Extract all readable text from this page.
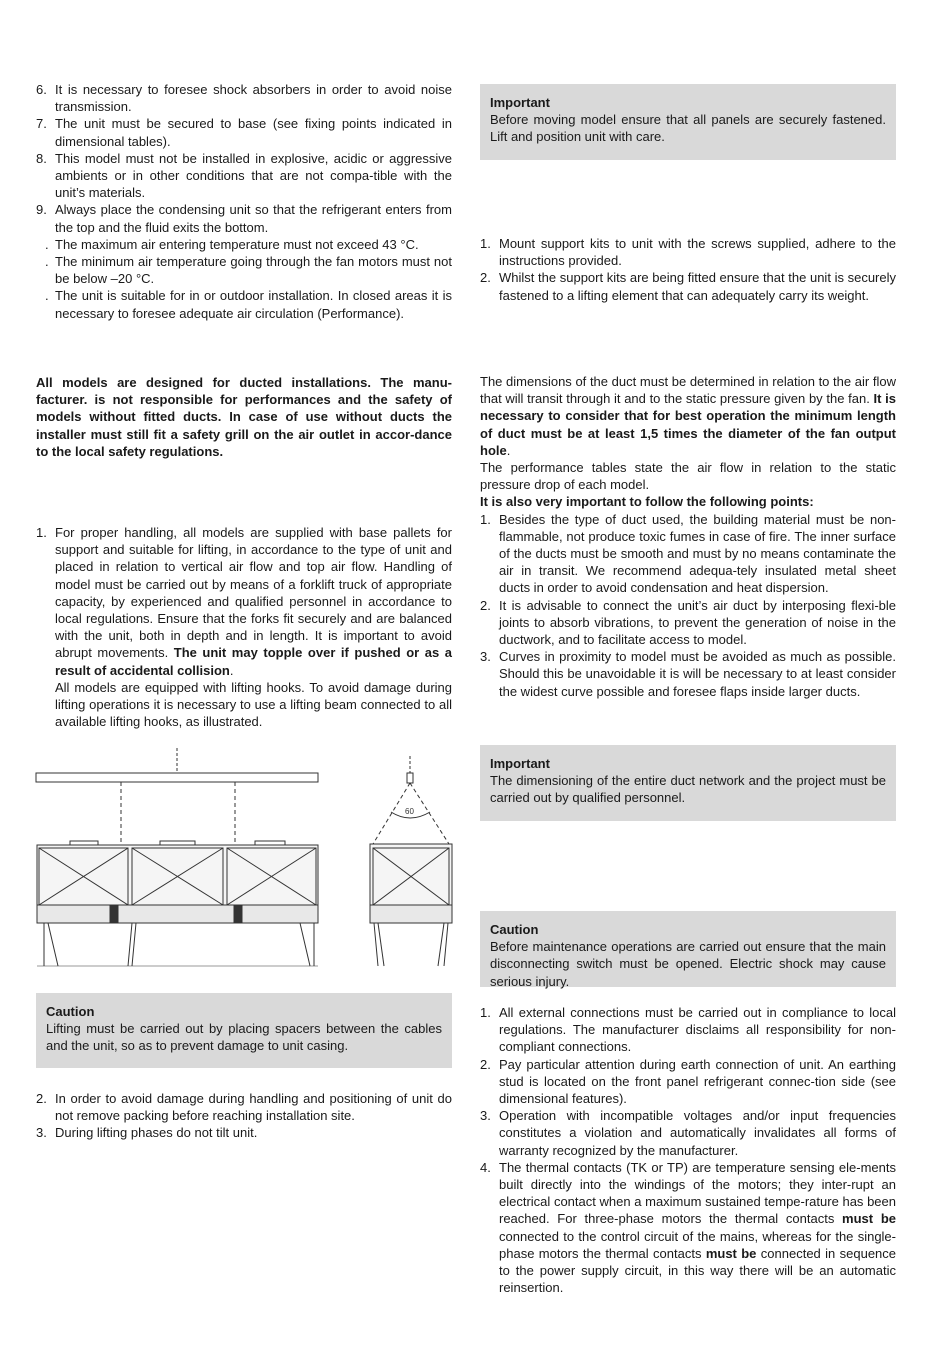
6. It is necessary to foresee shock absorbers in order to avoid noise transmission.
7. The unit must be secured to base (see fixing points indicated in dimensional tables).
8. This model must not be installed in explosive, acidic or aggressive ambients or in other conditions that are not compa-tible with the unit’s materials.
9. Always place the condensing unit so that the refrigerant enters from the top and the fluid exits the bottom.
. The maximum air entering temperature must not exceed 43 °C.
. The minimum air temperature going through the fan motors must not be below –20 °C.
. The unit is suitable for in or outdoor installation. In closed areas it is necessary to foresee adequate air circulation (Performance).

All models are designed for ducted installations. The manu-facturer. is not responsible for performances and the safety of models without fitted ducts. In case of use without ducts the installer must still fit a safety grill on the air outlet in accor-dance to the local safety regulations.

1. For proper handling, all models are supplied with base pallets for support and suitable for lifting, in accordance to the type of unit and placed in relation to vertical air flow and top air flow. Handling of model must be carried out by means of a forklift truck of appropriate capacity, by experienced and qualified personnel in accordance to local regulations. Ensure that the forks fit securely and are balanced with the unit, both in depth and in length. It is important to avoid abrupt movements. The unit may topple over if pushed or as a result of accidental collision.
All models are equipped with lifting hooks. To avoid damage during lifting operations it is necessary to use a lifting beam connected to all available lifting hooks, as illustrated.
60
Caution
Lifting must be carried out by placing spacers between the cables and the unit, so as to prevent damage to unit casing.
2. In order to avoid damage during handling and positioning of unit do not remove packing before reaching installation site.
3. During lifting phases do not tilt unit.
Important
Before moving model ensure that all panels are securely fastened. Lift and position unit with care.
1. Mount support kits to unit with the screws supplied, adhere to the instructions provided.
2. Whilst the support kits are being fitted ensure that the unit is securely fastened to a lifting element that can adequately carry its weight.

The dimensions of the duct must be determined in relation to the air flow that will transit through it and to the static pressure given by the fan. It is necessary to consider that for best operation the minimum length of duct must be at least 1,5 times the diameter of the fan output hole.

The performance tables state the air flow in relation to the static pressure drop of each model.

It is also very important to follow the following points:

1. Besides the type of duct used, the building material must be non-flammable, not produce toxic fumes in case of fire. The inner surface of the ducts must be smooth and must by no means contaminate the air in transit. We recommend adequa-tely insulated metal sheet ducts in order to avoid condensation and heat dispersion.
2. It is advisable to connect the unit’s air duct by interposing flexi-ble joints to absorb vibrations, to prevent the generation of noise in the ductwork, and to facilitate access to model.
3. Curves in proximity to model must be avoided as much as possible. Should this be unavoidable it is will be necessary to at least consider the widest curve possible and foresee flaps inside larger ducts.
Important
The dimensioning of the entire duct network and the project must be carried out by qualified personnel.
Caution
Before maintenance operations are carried out ensure that the main disconnecting switch must be opened. Electric shock may cause serious injury.
1. All external connections must be carried out in compliance to local regulations. The manufacturer disclaims all responsibility for non-compliant connections.
2. Pay particular attention during earth connection of unit. An earthing stud is located on the front panel refrigerant connec-tion side (see dimensional features).
3. Operation with incompatible voltages and/or input frequencies constitutes a violation and automatically invalidates all forms of warranty recognized by the manufacturer.
4. The thermal contacts (TK or TP) are temperature sensing ele-ments built directly into the windings of the motors; they inter-rupt an electrical contact when a maximum sustained tempe-rature has been reached. For three-phase motors the thermal contacts must be connected to the control circuit of the mains, whereas for the single-phase motors the thermal contacts must be connected in sequence to the power supply circuit, in this way there will be an automatic reinsertion.
